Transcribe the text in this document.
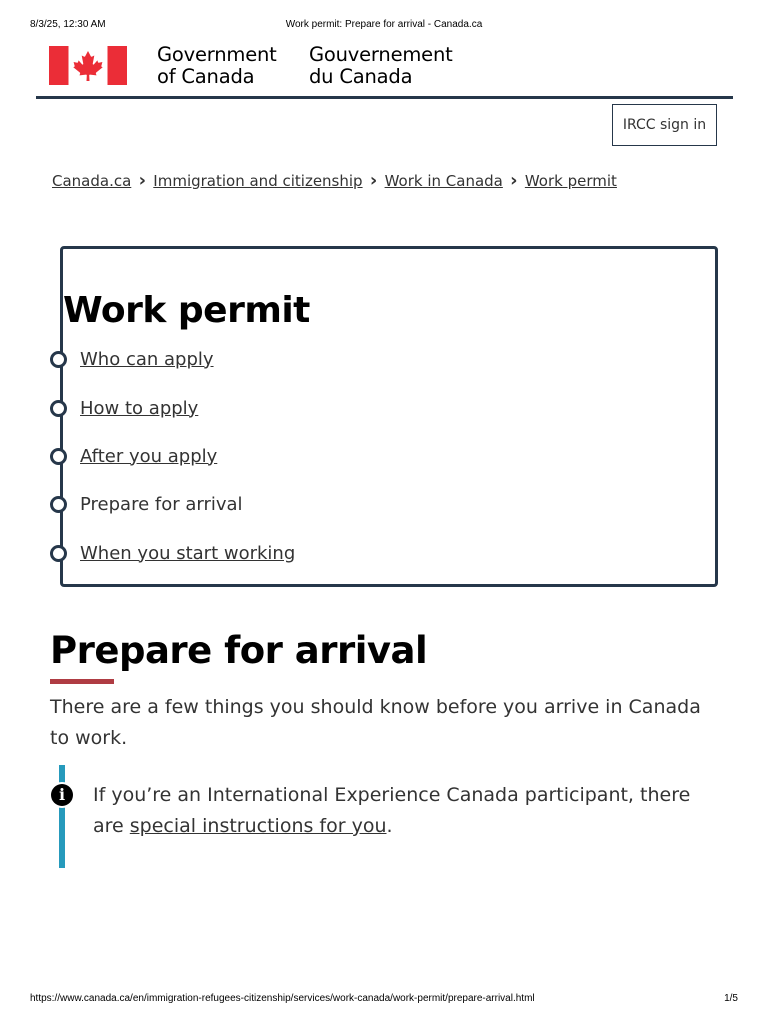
8/3/25, 12:30 AM	Work permit: Prepare for arrival - Canada.ca
Government
of Canada
Gouvernement
du Canada
IRCC sign in
Canada.ca › Immigration and citizenship › Work in Canada › Work permit
Work permit
Who can apply
How to apply
After you apply
Prepare for arrival
When you start working
Prepare for arrival

There are a few things you should know before you arrive in Canada to work.

i	If you’re an International Experience Canada participant, there are special instructions for you.

https://www.canada.ca/en/immigration-refugees-citizenship/services/work-canada/work-permit/prepare-arrival.html	1/5
